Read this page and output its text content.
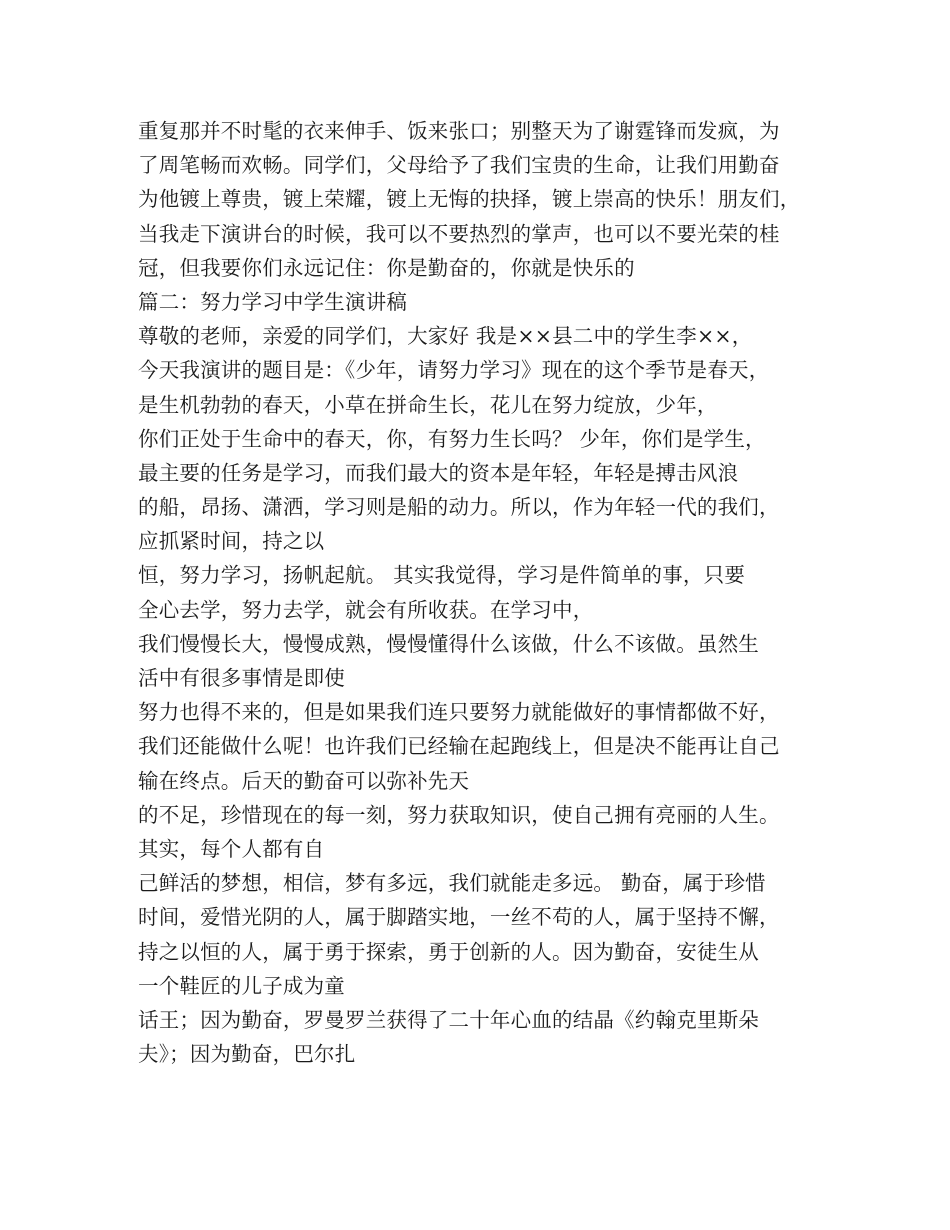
重复那并不时髦的衣来伸手、饭来张口；别整天为了谢霆锋而发疯，为
了周笔畅而欢畅。同学们，父母给予了我们宝贵的生命，让我们用勤奋
为他镀上尊贵，镀上荣耀，镀上无悔的抉择，镀上崇高的快乐！朋友们，
当我走下演讲台的时候，我可以不要热烈的掌声，也可以不要光荣的桂
冠，但我要你们永远记住：你是勤奋的，你就是快乐的
篇二：努力学习中学生演讲稿
尊敬的老师，亲爱的同学们，大家好 我是××县二中的学生李××，
今天我演讲的题目是：《少年，请努力学习》现在的这个季节是春天，
是生机勃勃的春天，小草在拼命生长，花儿在努力绽放，少年，
你们正处于生命中的春天，你，有努力生长吗？ 少年，你们是学生，
最主要的任务是学习，而我们最大的资本是年轻，年轻是搏击风浪
的船，昂扬、潇洒，学习则是船的动力。所以，作为年轻一代的我们，
应抓紧时间，持之以
恒，努力学习，扬帆起航。 其实我觉得，学习是件简单的事，只要
全心去学，努力去学，就会有所收获。在学习中，
我们慢慢长大，慢慢成熟，慢慢懂得什么该做，什么不该做。虽然生
活中有很多事情是即使
努力也得不来的，但是如果我们连只要努力就能做好的事情都做不好，
我们还能做什么呢！也许我们已经输在起跑线上，但是决不能再让自己
输在终点。后天的勤奋可以弥补先天
的不足，珍惜现在的每一刻，努力获取知识，使自己拥有亮丽的人生。
其实，每个人都有自
己鲜活的梦想，相信，梦有多远，我们就能走多远。 勤奋，属于珍惜
时间，爱惜光阴的人，属于脚踏实地，一丝不苟的人，属于坚持不懈，
持之以恒的人，属于勇于探索，勇于创新的人。因为勤奋，安徒生从
一个鞋匠的儿子成为童
话王；因为勤奋，罗曼罗兰获得了二十年心血的结晶《约翰克里斯朵
夫》；因为勤奋，巴尔扎
